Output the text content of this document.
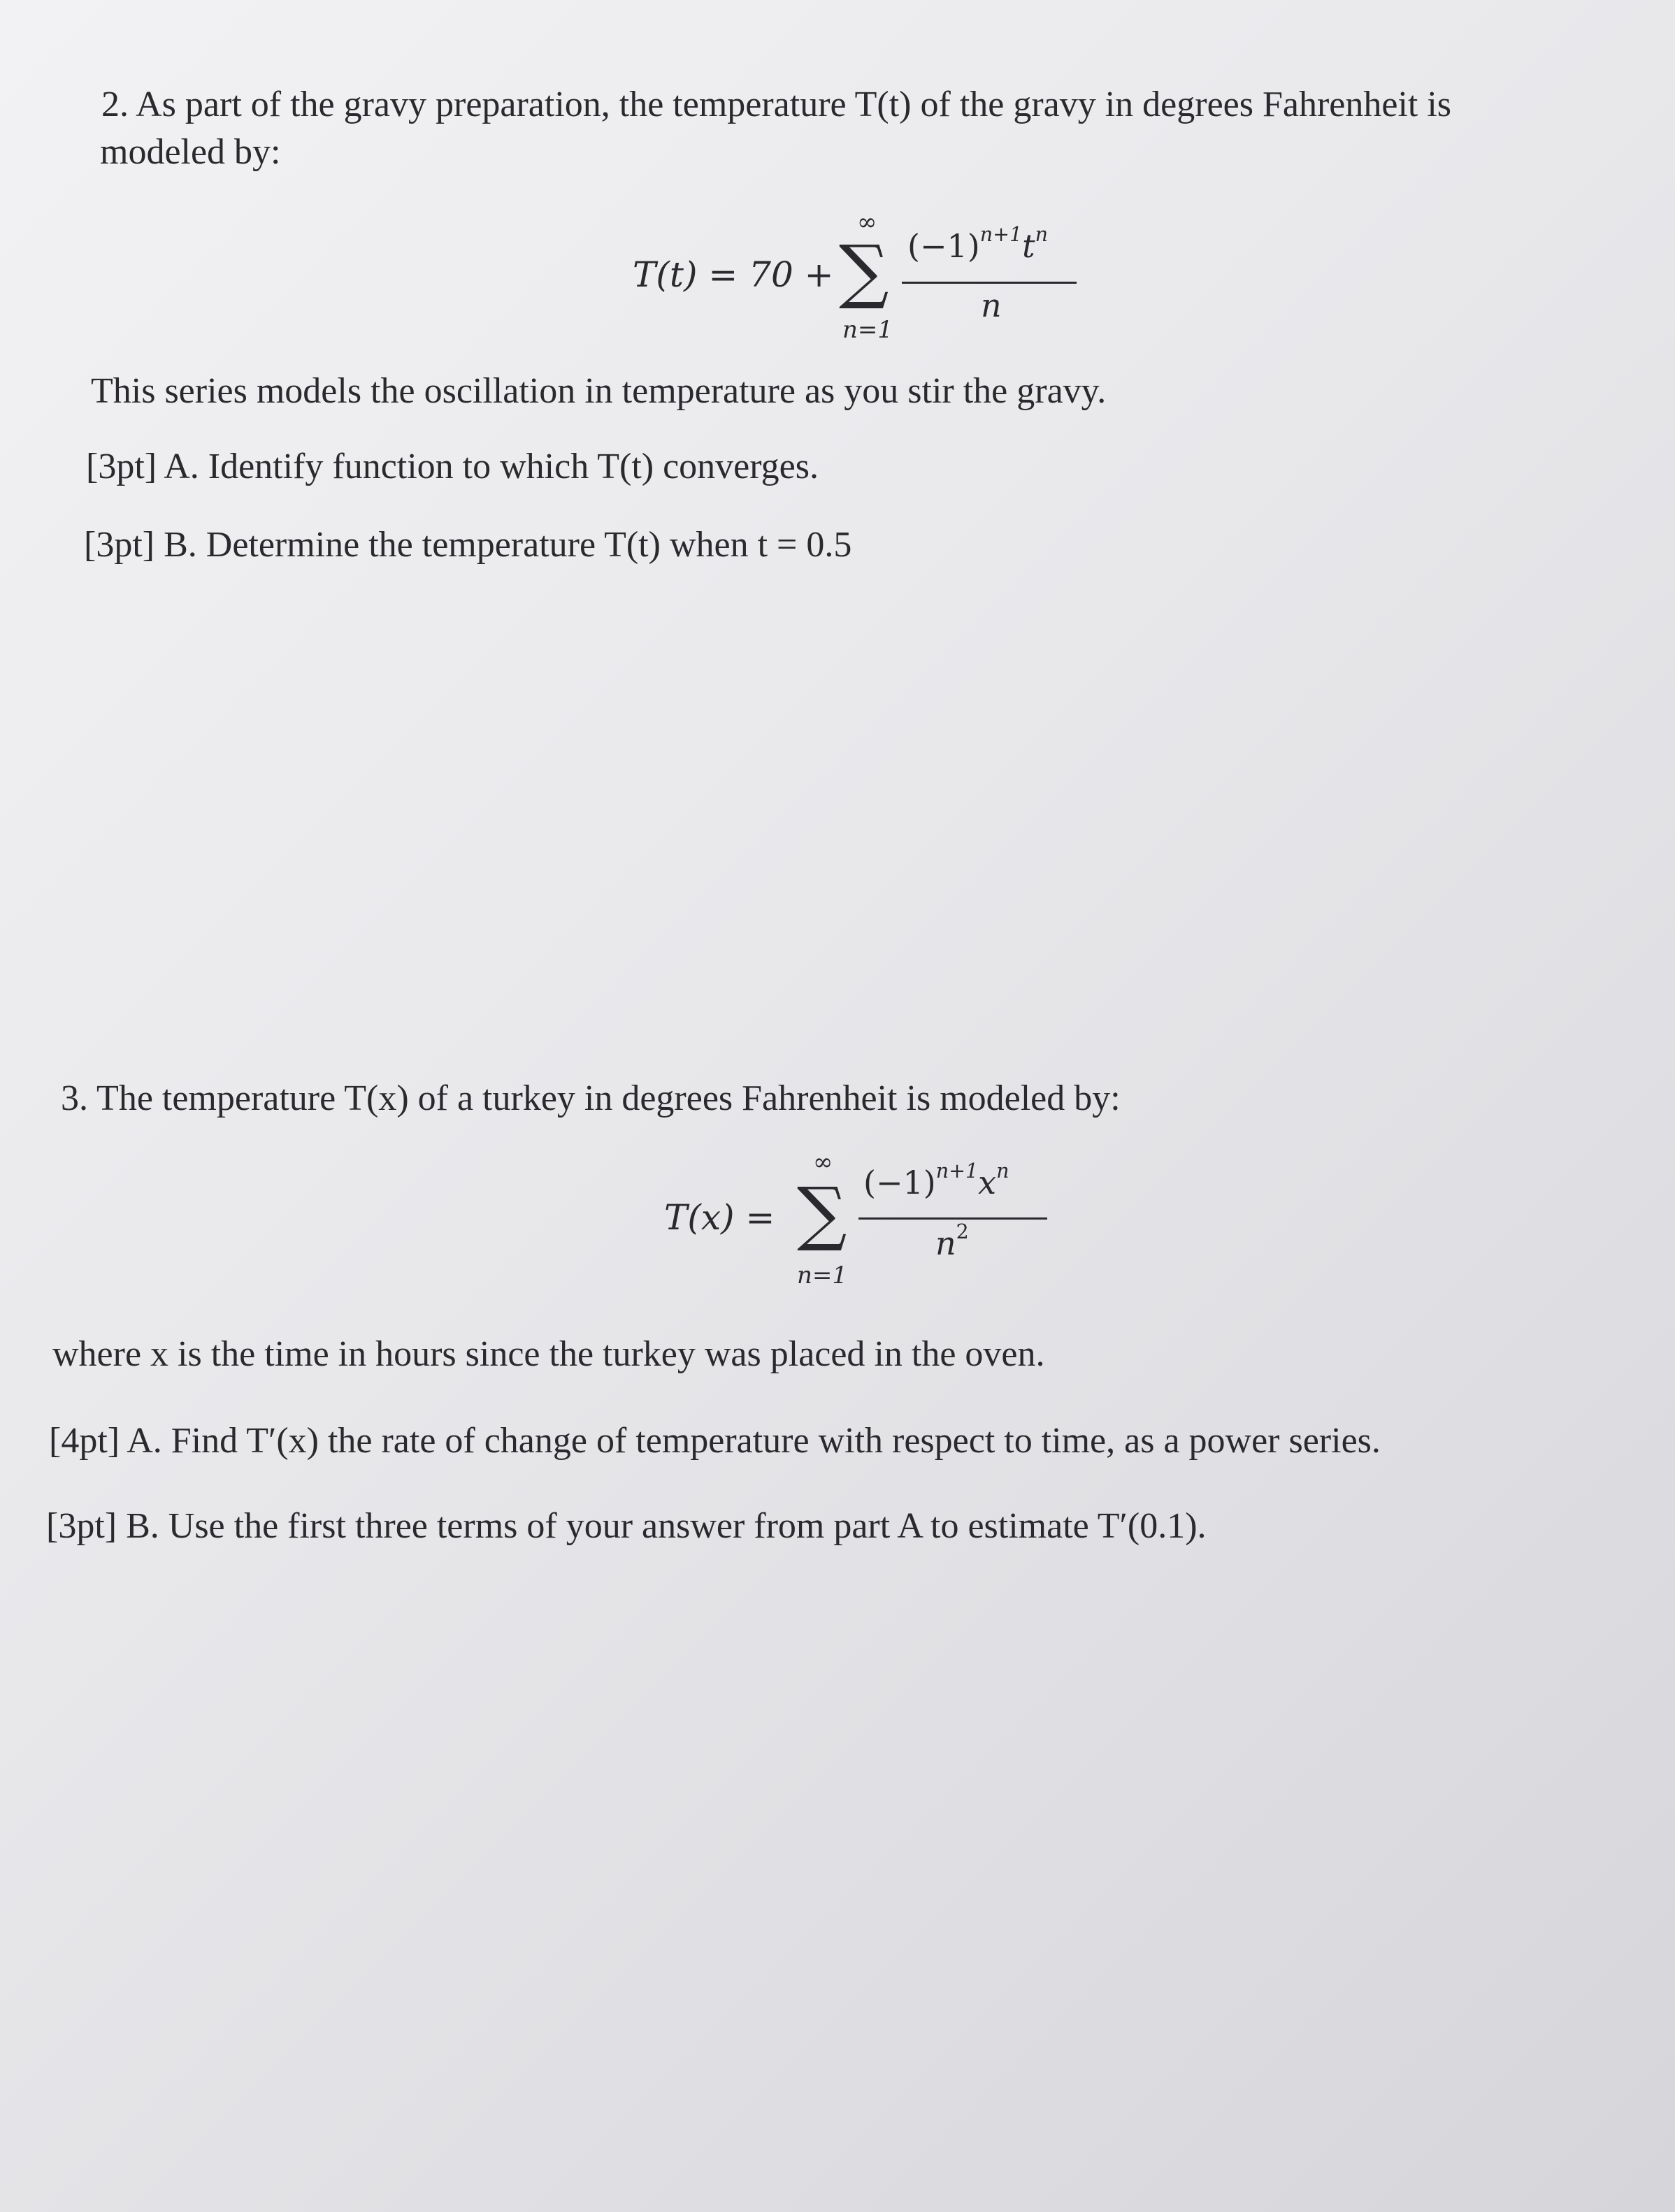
2. As part of the gravy preparation, the temperature T(t) of the gravy in degrees Fahrenheit is
modeled by:
T(t) = 70 +
∞
∑
n=1
$(-1)^{n+1}t^n$
n
This series models the oscillation in temperature as you stir the gravy.
[3pt] A. Identify function to which T(t) converges.
[3pt] B. Determine the temperature T(t) when t = 0.5
3. The temperature T(x) of a turkey in degrees Fahrenheit is modeled by:
T(x) =
∞
∑
n=1
$(-1)^{n+1}x^n$
$n^2$
where x is the time in hours since the turkey was placed in the oven.
[4pt] A. Find T′(x) the rate of change of temperature with respect to time, as a power series.
[3pt] B. Use the first three terms of your answer from part A to estimate T′(0.1).
